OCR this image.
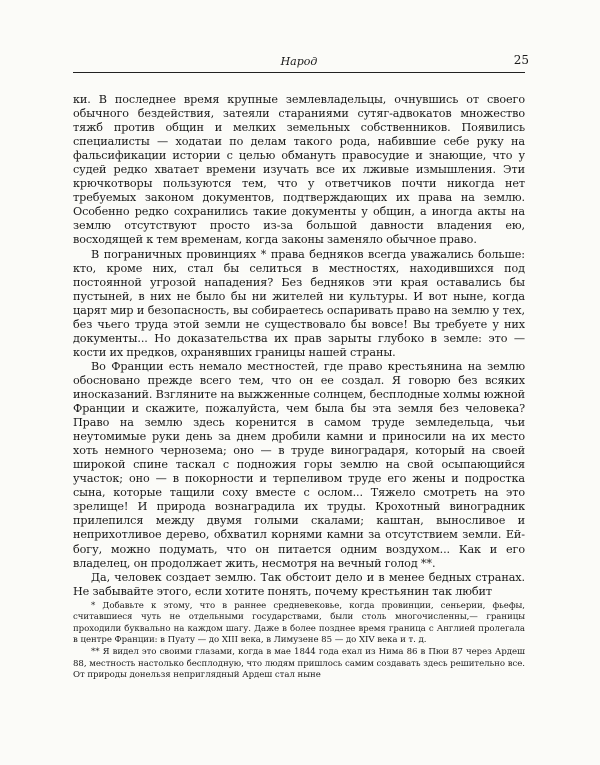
Народ	25

ки. В последнее время крупные землевладельцы, очнувшись от своего обычного бездействия, затеяли стараниями сутяг-адвокатов множество тяжб против общин и мелких земельных собственников. Появились специалисты — ходатаи по делам такого рода, набившие себе руку на фальсификации истории с целью обмануть правосудие и знающие, что у судей редко хватает времени изучать все их лживые измышления. Эти крючкотворы пользуются тем, что у ответчиков почти никогда нет требуемых законом документов, подтверждающих их права на землю. Особенно редко сохранились такие документы у общин, а иногда акты на землю отсутствуют просто из-за большой давности владения ею, восходящей к тем временам, когда законы заменяло обычное право.

В пограничных провинциях * права бедняков всегда уважались больше: кто, кроме них, стал бы селиться в местностях, находившихся под постоянной угрозой нападения? Без бедняков эти края оставались бы пустыней, в них не было бы ни жителей ни культуры. И вот ныне, когда царят мир и безопасность, вы собираетесь оспаривать право на землю у тех, без чьего труда этой земли не существовало бы вовсе! Вы требуете у них документы... Но доказательства их прав зарыты глубоко в земле: это — кости их предков, охранявших границы нашей страны.

Во Франции есть немало местностей, где право крестьянина на землю обосновано прежде всего тем, что он ее создал. Я говорю без всяких иносказаний. Взгляните на выжженные солнцем, бесплодные холмы южной Франции и скажите, пожалуйста, чем была бы эта земля без человека? Право на землю здесь коренится в самом труде земледельца, чьи неутомимые руки день за днем дробили камни и приносили на их место хоть немного чернозема; оно — в труде виноградаря, который на своей широкой спине таскал с подножия горы землю на свой осыпающийся участок; оно — в покорности и терпеливом труде его жены и подростка сына, которые тащили соху вместе с ослом... Тяжело смотреть на это зрелище! И природа вознаградила их труды. Крохотный виноградник прилепился между двумя голыми скалами; каштан, выносливое и неприхотливое дерево, обхватил корнями камни за отсутствием земли. Ей-богу, можно подумать, что он питается одним воздухом... Как и его владелец, он продолжает жить, несмотря на вечный голод **.

Да, человек создает землю. Так обстоит дело и в менее бедных странах. Не забывайте этого, если хотите понять, почему крестьянин так любит

* Добавьте к этому, что в раннее средневековье, когда провинции, сеньерии, фьефы, считавшиеся чуть не отдельными государствами, были столь многочисленны,— границы проходили буквально на каждом шагу. Даже в более позднее время граница с Англией пролегала в центре Франции: в Пуату — до XIII века, в Лимузене 85 — до XIV века и т. д.

** Я видел это своими глазами, когда в мае 1844 года ехал из Нима 86 в Пюи 87 через Ардеш 88, местность настолько бесплодную, что людям пришлось самим создавать здесь решительно все. От природы донельзя неприглядный Ардеш стал ныне
